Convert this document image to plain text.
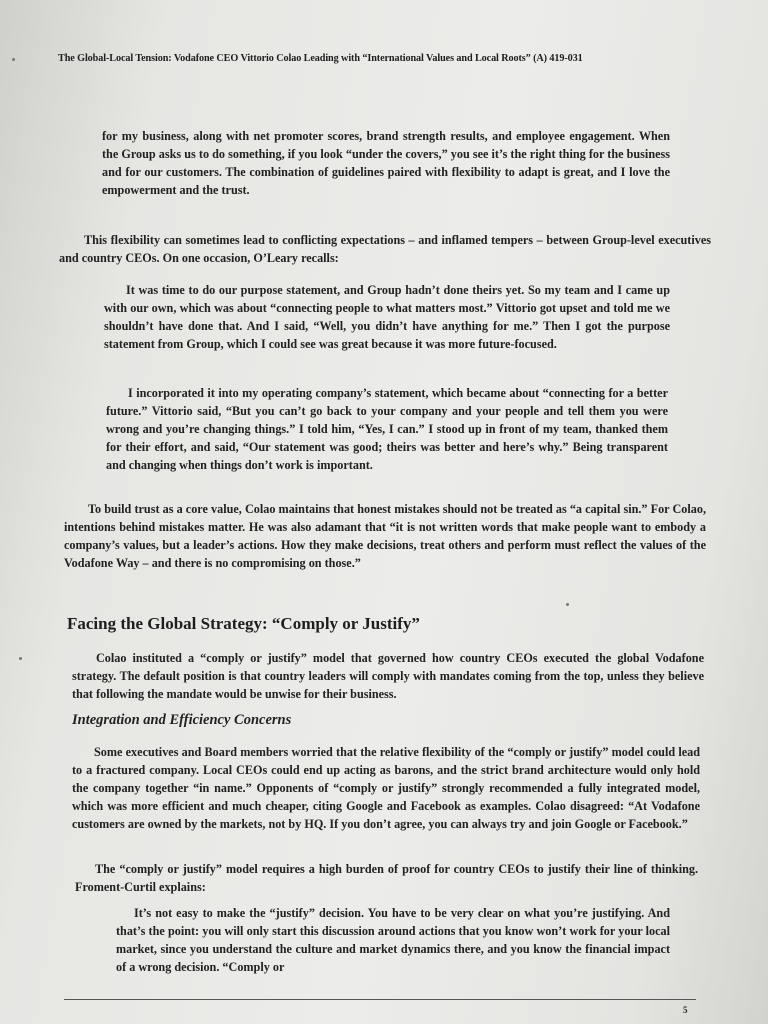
The Global-Local Tension: Vodafone CEO Vittorio Colao Leading with “International Values and Local Roots” (A) 419-031

for my business, along with net promoter scores, brand strength results, and employee engagement. When the Group asks us to do something, if you look “under the covers,” you see it’s the right thing for the business and for our customers. The combination of guidelines paired with flexibility to adapt is great, and I love the empowerment and the trust.

This flexibility can sometimes lead to conflicting expectations – and inflamed tempers – between Group-level executives and country CEOs. On one occasion, O’Leary recalls:

It was time to do our purpose statement, and Group hadn’t done theirs yet. So my team and I came up with our own, which was about “connecting people to what matters most.” Vittorio got upset and told me we shouldn’t have done that. And I said, “Well, you didn’t have anything for me.” Then I got the purpose statement from Group, which I could see was great because it was more future-focused.

I incorporated it into my operating company’s statement, which became about “connecting for a better future.” Vittorio said, “But you can’t go back to your company and your people and tell them you were wrong and you’re changing things.” I told him, “Yes, I can.” I stood up in front of my team, thanked them for their effort, and said, “Our statement was good; theirs was better and here’s why.” Being transparent and changing when things don’t work is important.

To build trust as a core value, Colao maintains that honest mistakes should not be treated as “a capital sin.” For Colao, intentions behind mistakes matter. He was also adamant that “it is not written words that make people want to embody a company’s values, but a leader’s actions. How they make decisions, treat others and perform must reflect the values of the Vodafone Way – and there is no compromising on those.”

Facing the Global Strategy: “Comply or Justify”

Colao instituted a “comply or justify” model that governed how country CEOs executed the global Vodafone strategy. The default position is that country leaders will comply with mandates coming from the top, unless they believe that following the mandate would be unwise for their business.

Integration and Efficiency Concerns

Some executives and Board members worried that the relative flexibility of the “comply or justify” model could lead to a fractured company. Local CEOs could end up acting as barons, and the strict brand architecture would only hold the company together “in name.” Opponents of “comply or justify” strongly recommended a fully integrated model, which was more efficient and much cheaper, citing Google and Facebook as examples. Colao disagreed: “At Vodafone customers are owned by the markets, not by HQ. If you don’t agree, you can always try and join Google or Facebook.”

The “comply or justify” model requires a high burden of proof for country CEOs to justify their line of thinking. Froment-Curtil explains:

It’s not easy to make the “justify” decision. You have to be very clear on what you’re justifying. And that’s the point: you will only start this discussion around actions that you know won’t work for your local market, since you understand the culture and market dynamics there, and you know the financial impact of a wrong decision. “Comply or

5
